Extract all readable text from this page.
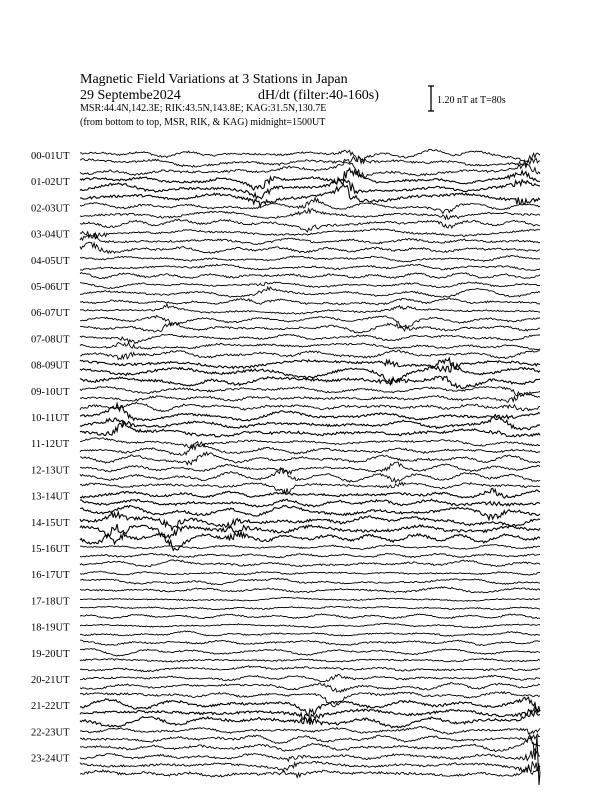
Magnetic Field Variations at 3 Stations in Japan
29 Septembe2024	dH/dt (filter:40-160s)
MSR:44.4N,142.3E; RIK:43.5N,143.8E; KAG:31.5N,130.7E
(from bottom to top, MSR, RIK, & KAG) midnight=1500UT
1.20 nT at T=80s
00-01UT
01-02UT
02-03UT
03-04UT
04-05UT
05-06UT
06-07UT
07-08UT
08-09UT
09-10UT
10-11UT
11-12UT
12-13UT
13-14UT
14-15UT
15-16UT
16-17UT
17-18UT
18-19UT
19-20UT
20-21UT
21-22UT
22-23UT
23-24UT
